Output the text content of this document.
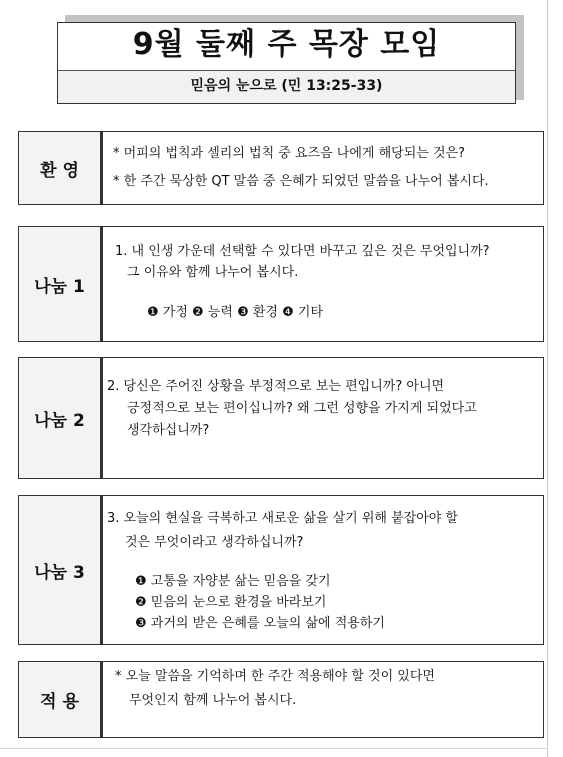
9월 둘째 주 목장 모임
믿음의 눈으로 (민 13:25-33)
환 영
* 머피의 법칙과 셀리의 법칙 중 요즈음 나에게 해당되는 것은?
* 한 주간 묵상한 QT 말씀 중 은혜가 되었던 말씀을 나누어 봅시다.
나눔 1
1. 내 인생 가운데 선택할 수 있다면 바꾸고 깊은 것은 무엇입니까?
그 이유와 함께 나누어 봅시다.
❶ 가정 ❷ 능력 ❸ 환경 ❹ 기타
나눔 2
2. 당신은 주어진 상황을 부정적으로 보는 편입니까? 아니면
긍정적으로 보는 편이십니까? 왜 그런 성향을 가지게 되었다고
생각하십니까?
나눔 3
3. 오늘의 현실을 극복하고 새로운 삶을 살기 위해 붙잡아야 할
것은 무엇이라고 생각하십니까?
❶ 고통을 자양분 삶는 믿음을 갖기
❷ 믿음의 눈으로 환경을 바라보기
❸ 과거의 받은 은혜를 오늘의 삶에 적용하기
적 용
* 오늘 말씀을 기억하며 한 주간 적용해야 할 것이 있다면
무엇인지 함께 나누어 봅시다.
